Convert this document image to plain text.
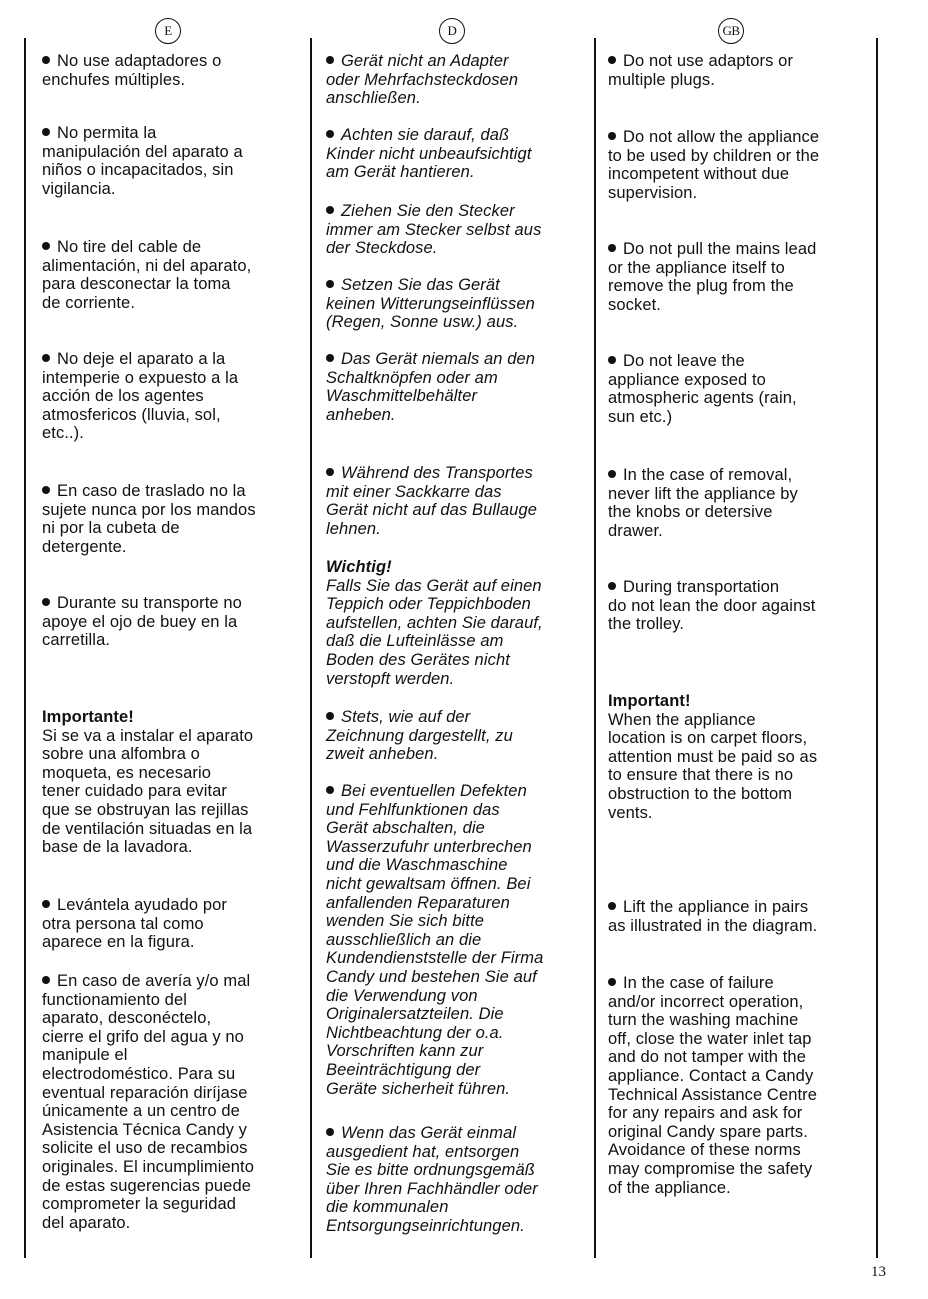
E	D	GB
No use adaptadores o
enchufes múltiples.
No permita la
manipulación del aparato a
niños o incapacitados, sin
vigilancia.
No tire del cable de
alimentación, ni del aparato,
para desconectar la toma
de corriente.
No deje el aparato a la
intemperie o expuesto a la
acción de los agentes
atmosfericos (lluvia, sol,
etc..).
En caso de traslado no la
sujete nunca por los mandos
ni por la cubeta de
detergente.
Durante su transporte no
apoye el ojo de buey en la
carretilla.
Importante!
Si se va a instalar el aparato
sobre una alfombra o
moqueta, es necesario
tener cuidado para evitar
que se obstruyan las rejillas
de ventilación situadas en la
base de la lavadora.
Levántela ayudado por
otra persona tal como
aparece en la figura.
En caso de avería y/o mal
functionamiento del
aparato, desconéctelo,
cierre el grifo del agua y no
manipule el
electrodoméstico. Para su
eventual reparación diríjase
únicamente a un centro de
Asistencia Técnica Candy y
solicite el uso de recambios
originales. El incumplimiento
de estas sugerencias puede
comprometer la seguridad
del aparato.
Gerät nicht an Adapter
oder Mehrfachsteckdosen
anschließen.
Achten sie darauf, daß
Kinder nicht unbeaufsichtigt
am Gerät hantieren.
Ziehen Sie den Stecker
immer am Stecker selbst aus
der Steckdose.
Setzen Sie das Gerät
keinen Witterungseinflüssen
(Regen, Sonne usw.) aus.
Das Gerät niemals an den
Schaltknöpfen oder am
Waschmittelbehälter
anheben.
Während des Transportes
mit einer Sackkarre das
Gerät nicht auf das Bullauge
lehnen.
Wichtig!
Falls Sie das Gerät auf einen
Teppich oder Teppichboden
aufstellen, achten Sie darauf,
daß die Lufteinlässe am
Boden des Gerätes nicht
verstopft werden.
Stets, wie auf der
Zeichnung dargestellt, zu
zweit anheben.
Bei eventuellen Defekten
und Fehlfunktionen das
Gerät abschalten, die
Wasserzufuhr unterbrechen
und die Waschmaschine
nicht gewaltsam öffnen. Bei
anfallenden Reparaturen
wenden Sie sich bitte
ausschließlich an die
Kundendienststelle der Firma
Candy und bestehen Sie auf
die Verwendung von
Originalersatzteilen. Die
Nichtbeachtung der o.a.
Vorschriften kann zur
Beeinträchtigung der
Geräte sicherheit führen.
Wenn das Gerät einmal
ausgedient hat, entsorgen
Sie es bitte ordnungsgemäß
über Ihren Fachhändler oder
die kommunalen
Entsorgungseinrichtungen.
Do not use adaptors or
multiple plugs.
Do not allow the appliance
to be used by children or the
incompetent without due
supervision.
Do not pull the mains lead
or the appliance itself to
remove the plug from the
socket.
Do not leave the
appliance exposed to
atmospheric agents (rain,
sun etc.)
In the case of removal,
never lift the appliance by
the knobs or detersive
drawer.
During transportation
do not lean the door against
the trolley.
Important!
When the appliance
location is on carpet floors,
attention must be paid so as
to ensure that there is no
obstruction to the bottom
vents.
Lift the appliance in pairs
as illustrated in the diagram.
In the case of failure
and/or incorrect operation,
turn the washing machine
off, close the water inlet tap
and do not tamper with the
appliance. Contact a Candy
Technical Assistance Centre
for any repairs and ask for
original Candy spare parts.
Avoidance of these norms
may compromise the safety
of the appliance.
13
